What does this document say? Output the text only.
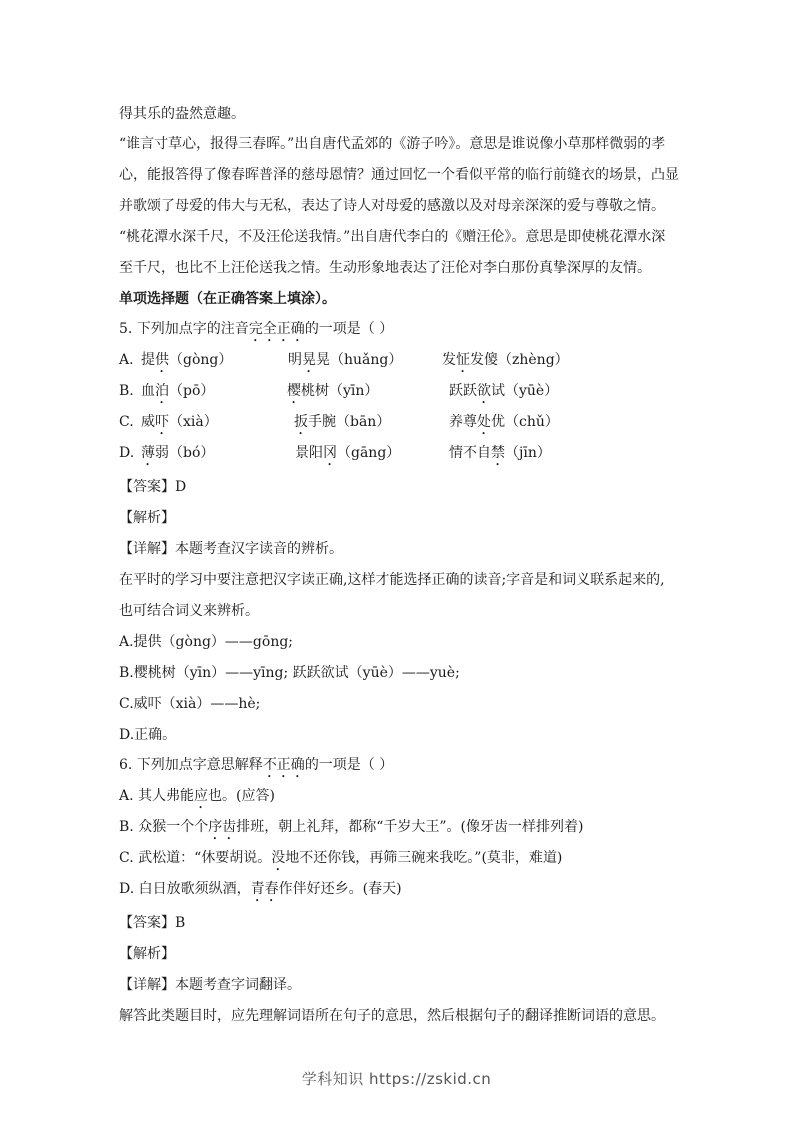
得其乐的盎然意趣。

“谁言寸草心，报得三春晖。”出自唐代孟郊的《游子吟》。意思是谁说像小草那样微弱的孝

心，能报答得了像春晖普泽的慈母恩情？通过回忆一个看似平常的临行前缝衣的场景，凸显

并歌颂了母爱的伟大与无私，表达了诗人对母爱的感激以及对母亲深深的爱与尊敬之情。

“桃花潭水深千尺，不及汪伦送我情。”出自唐代李白的《赠汪伦》。意思是即使桃花潭水深

至千尺，也比不上汪伦送我之情。生动形象地表达了汪伦对李白那份真挚深厚的友情。

单项选择题（在正确答案上填涂）。

5. 下列加点字的注音完全正确的一项是（ ）

A. 提供（gòng）	明晃晃（huǎng）	发怔发傻（zhèng）
B. 血泊（pō）	樱桃树（yīn）	跃跃欲试（yūè）
C. 威吓（xià）	扳手腕（bān）	养尊处优（chǔ）
D. 薄弱（bó）	景阳冈（gāng）	情不自禁（jīn）

【答案】D

【解析】

【详解】本题考查汉字读音的辨析。

在平时的学习中要注意把汉字读正确,这样才能选择正确的读音;字音是和词义联系起来的,

也可结合词义来辨析。

A.提供（gòng）——gōng;

B.樱桃树（yīn）——yīng; 跃跃欲试（yūè）——yuè;

C.威吓（xià）——hè;

D.正确。

6. 下列加点字意思解释不正确的一项是（ ）

A. 其人弗能应也。(应答)

B. 众猴一个个序齿排班，朝上礼拜，都称“千岁大王”。(像牙齿一样排列着)

C. 武松道：“休要胡说。没地不还你钱，再筛三碗来我吃。”(莫非，难道)

D. 白日放歌须纵酒，青春作伴好还乡。(春天)

【答案】B

【解析】

【详解】本题考查字词翻译。

解答此类题目时，应先理解词语所在句子的意思，然后根据句子的翻译推断词语的意思。

学科知识 https://zskid.cn
